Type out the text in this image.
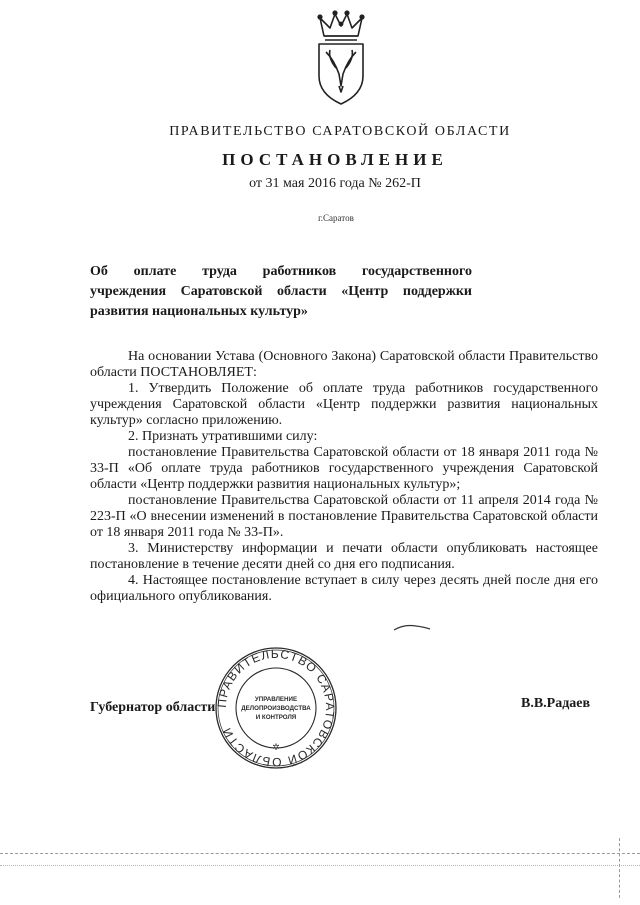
ПРАВИТЕЛЬСТВО САРАТОВСКОЙ ОБЛАСТИ
ПОСТАНОВЛЕНИЕ
от 31 мая 2016 года № 262-П
г.Саратов
Об оплате труда работников государственного
учреждения Саратовской области «Центр поддержки
развития национальных культур»

На основании Устава (Основного Закона) Саратовской области Правительство области ПОСТАНОВЛЯЕТ:

1. Утвердить Положение об оплате труда работников государственного учреждения Саратовской области «Центр поддержки развития национальных культур» согласно приложению.

2. Признать утратившими силу:

постановление Правительства Саратовской области от 18 января 2011 года № 33-П «Об оплате труда работников государственного учреждения Саратовской области «Центр поддержки развития национальных культур»;

постановление Правительства Саратовской области от 11 апреля 2014 года № 223-П «О внесении изменений в постановление Правительства Саратовской области от 18 января 2011 года № 33-П».

3. Министерству информации и печати области опубликовать настоящее постановление в течение десяти дней со дня его подписания.

4. Настоящее постановление вступает в силу через десять дней после дня его официального опубликования.

ПРАВИТЕЛЬСТВО САРАТОВСКОЙ ОБЛАСТИ
УПРАВЛЕНИЕ
ДЕЛОПРОИЗВОДСТВА
И КОНТРОЛЯ
✲
Губернатор области	В.В.Радаев
